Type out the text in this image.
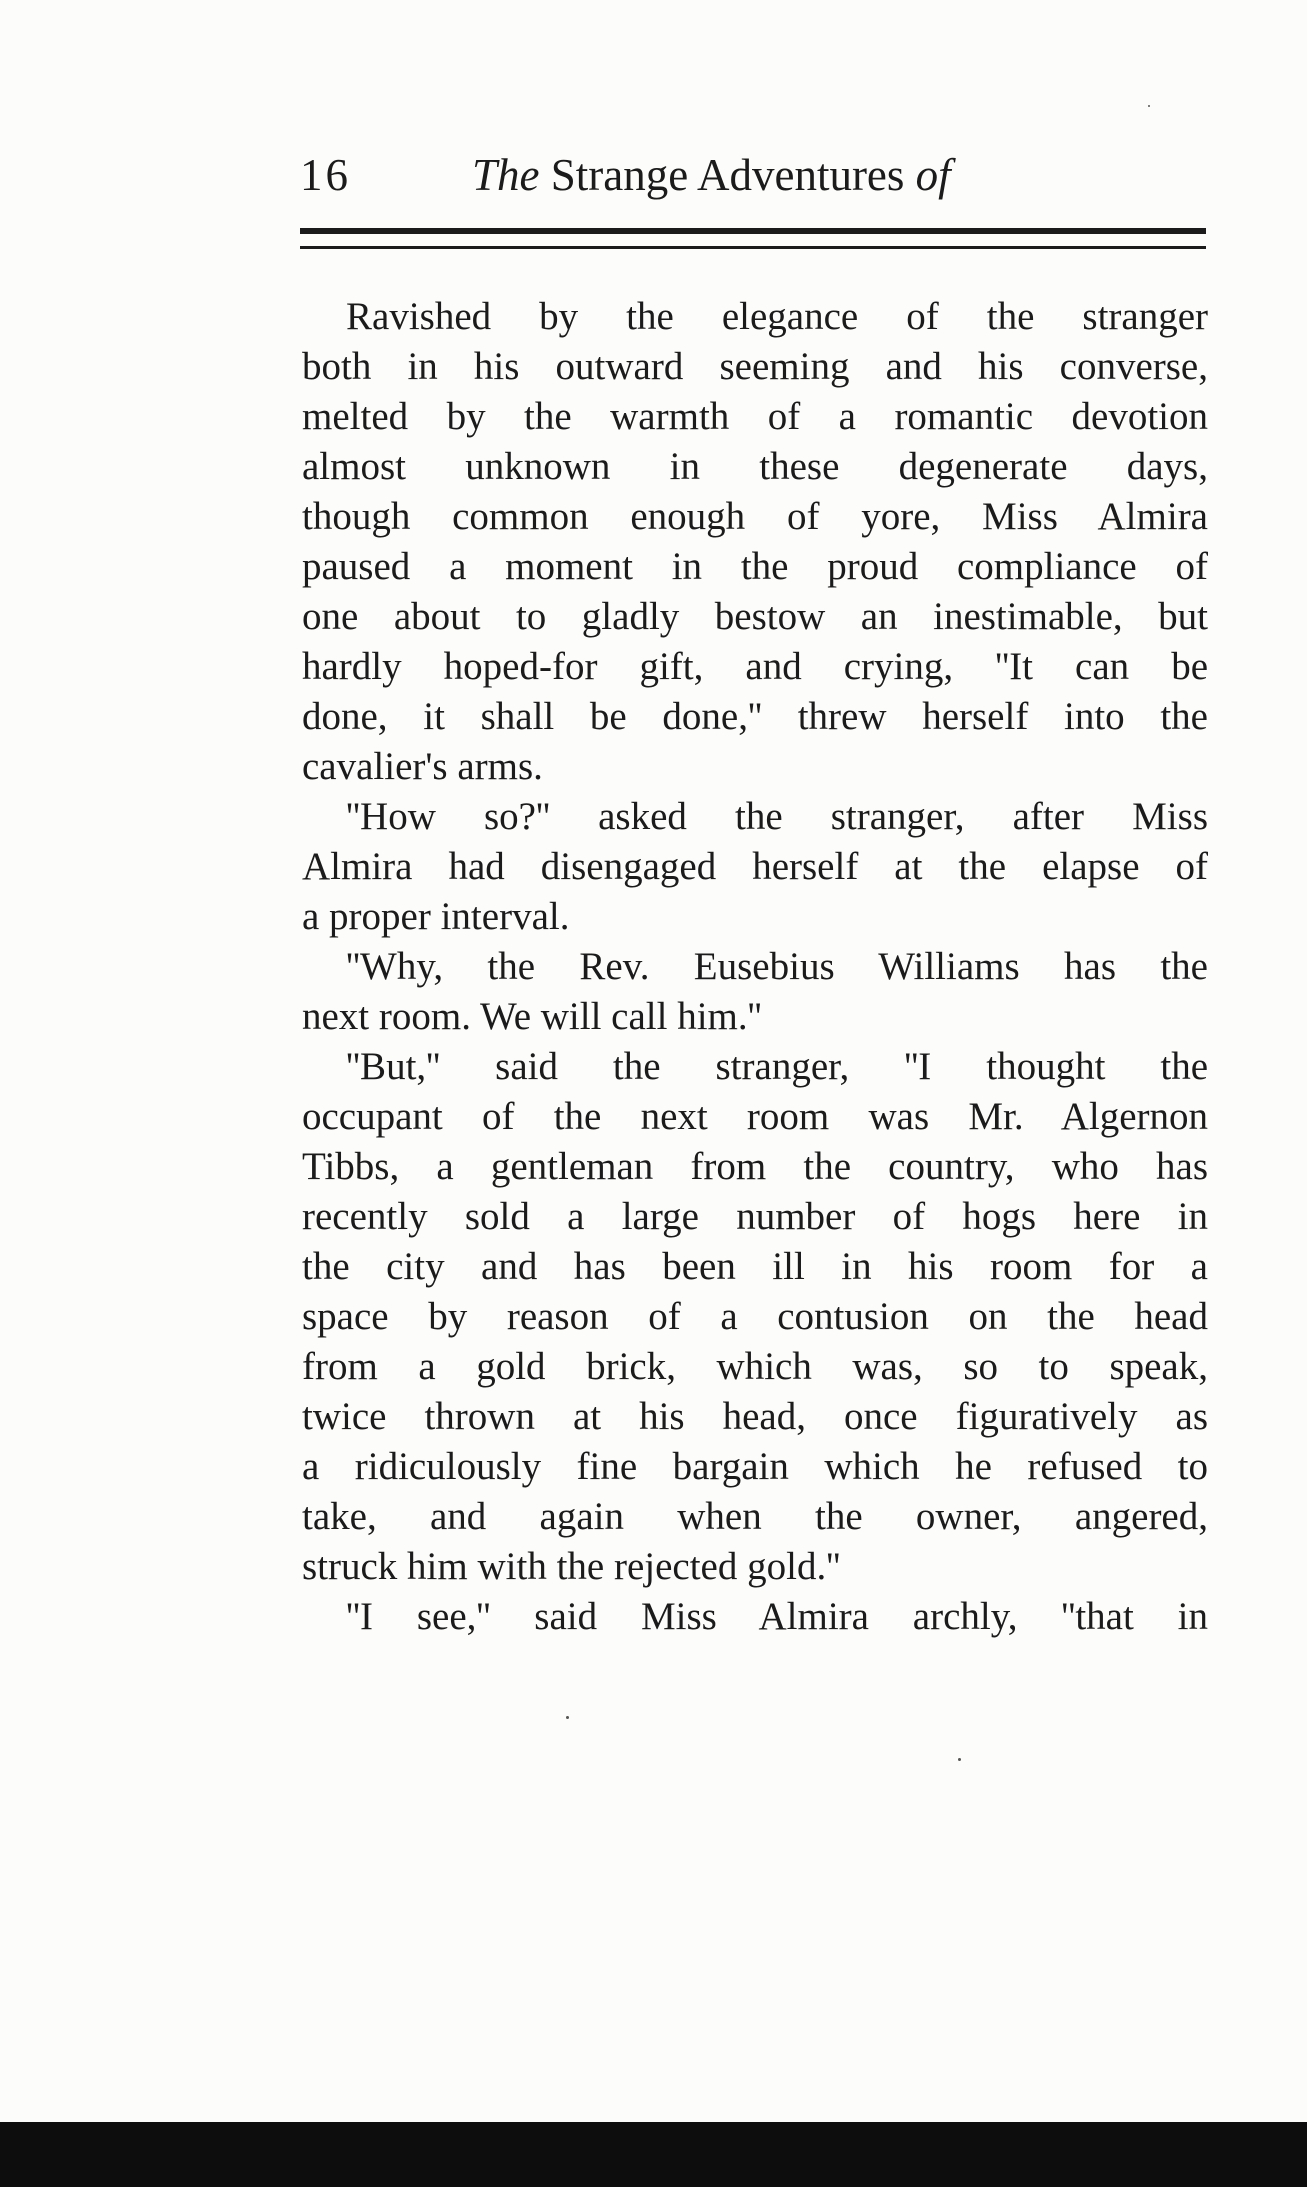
16	The Strange Adventures of

Ravished by the elegance of the stranger
both in his outward seeming and his converse,
melted by the warmth of a romantic devotion
almost unknown in these degenerate days,
though common enough of yore, Miss Almira
paused a moment in the proud compliance of
one about to gladly bestow an inestimable, but
hardly hoped-for gift, and crying, ''It can be
done, it shall be done,'' threw herself into the
cavalier's arms.

''How so?'' asked the stranger, after Miss
Almira had disengaged herself at the elapse of
a proper interval.

''Why, the Rev. Eusebius Williams has the
next room. We will call him.''

''But,'' said the stranger, ''I thought the
occupant of the next room was Mr. Algernon
Tibbs, a gentleman from the country, who has
recently sold a large number of hogs here in
the city and has been ill in his room for a
space by reason of a contusion on the head
from a gold brick, which was, so to speak,
twice thrown at his head, once figuratively as
a ridiculously fine bargain which he refused to
take, and again when the owner, angered,
struck him with the rejected gold.''

''I see,'' said Miss Almira archly, ''that in
